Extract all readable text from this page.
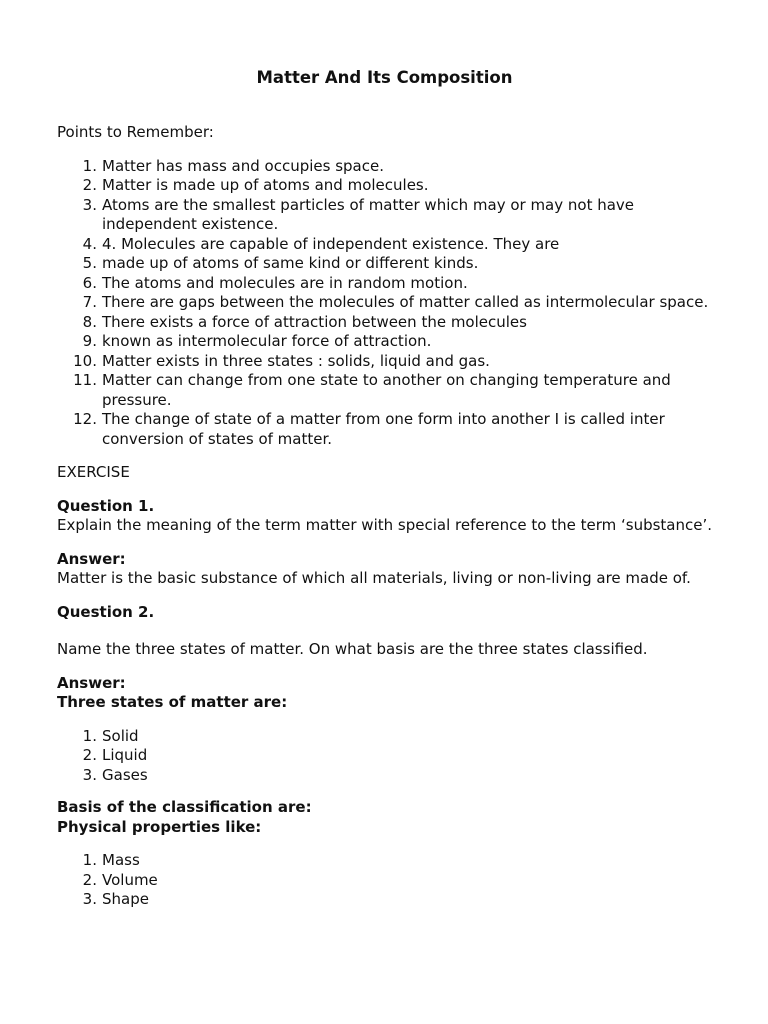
Matter And Its Composition
Points to Remember:
Matter has mass and occupies space.
Matter is made up of atoms and molecules.
Atoms are the smallest particles of matter which may or may not have independent existence.
4. Molecules are capable of independent existence. They are
made up of atoms of same kind or different kinds.
The atoms and molecules are in random motion.
There are gaps between the molecules of matter called as intermolecular space.
There exists a force of attraction between the molecules
known as intermolecular force of attraction.
Matter exists in three states : solids, liquid and gas.
Matter can change from one state to another on changing temperature and pressure.
The change of state of a matter from one form into another I is called inter conversion of states of matter.
EXERCISE
Question 1.
Explain the meaning of the term matter with special reference to the term ‘substance’.
Answer:
Matter is the basic substance of which all materials, living or non-living are made of.
Question 2.
Name the three states of matter. On what basis are the three states classified.
Answer:
Three states of matter are:
Solid
Liquid
Gases
Basis of the classification are:
Physical properties like:
Mass
Volume
Shape
